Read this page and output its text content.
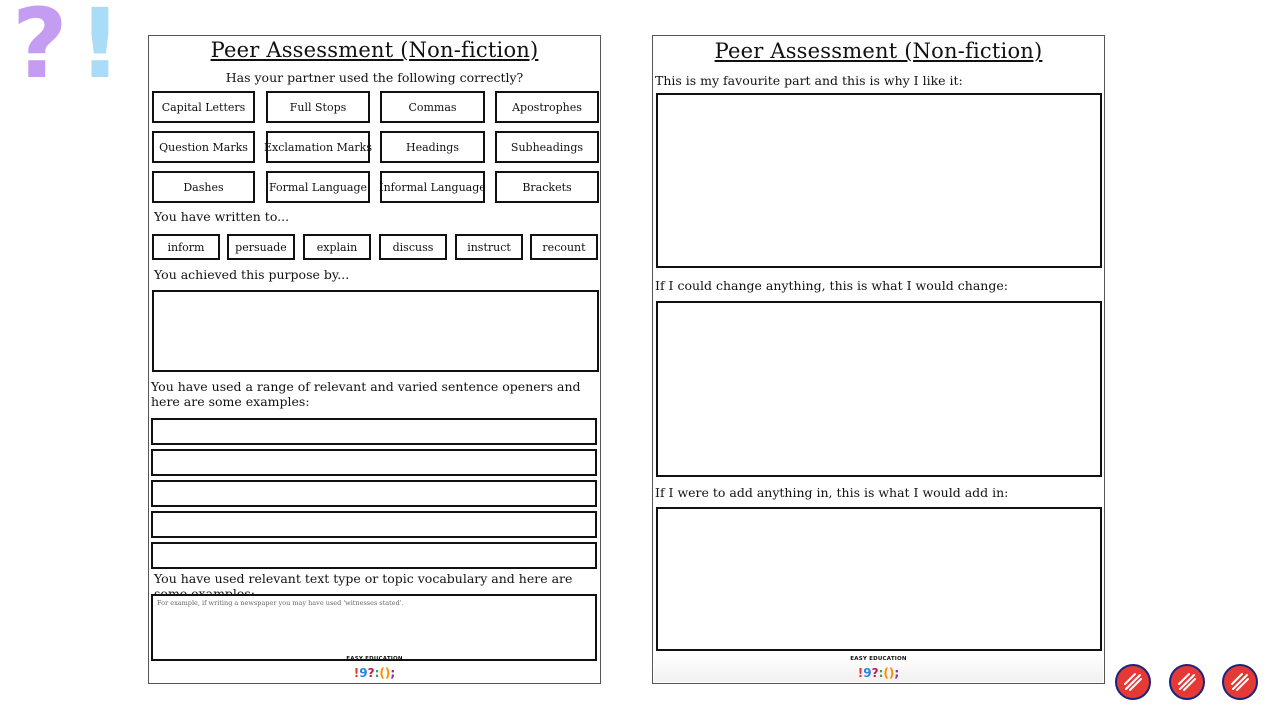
? !	Peer Assessment (Non-fiction)
Has your partner used the following correctly?
Capital Letters	Full Stops	Commas	Apostrophes
Question Marks	Exclamation Marks	Headings	Subheadings
Dashes	Formal Language Informal Language	Brackets
You have written to...
inform	persuade	explain	discuss	instruct	recount
You achieved this purpose by...
You have used a range of relevant and varied sentence openers and here are some examples:
You have used relevant text type or topic vocabulary and here are
For example, if writing a newspaper you may have used 'witnesses stated'.
EASY EDUCATION
!9?:();
Peer Assessment (Non-fiction)
This is my favourite part and this is why I like it:
If I could change anything, this is what I would change:
If I were to add anything in, this is what I would add in:
EASY EDUCATION
!9?:();
